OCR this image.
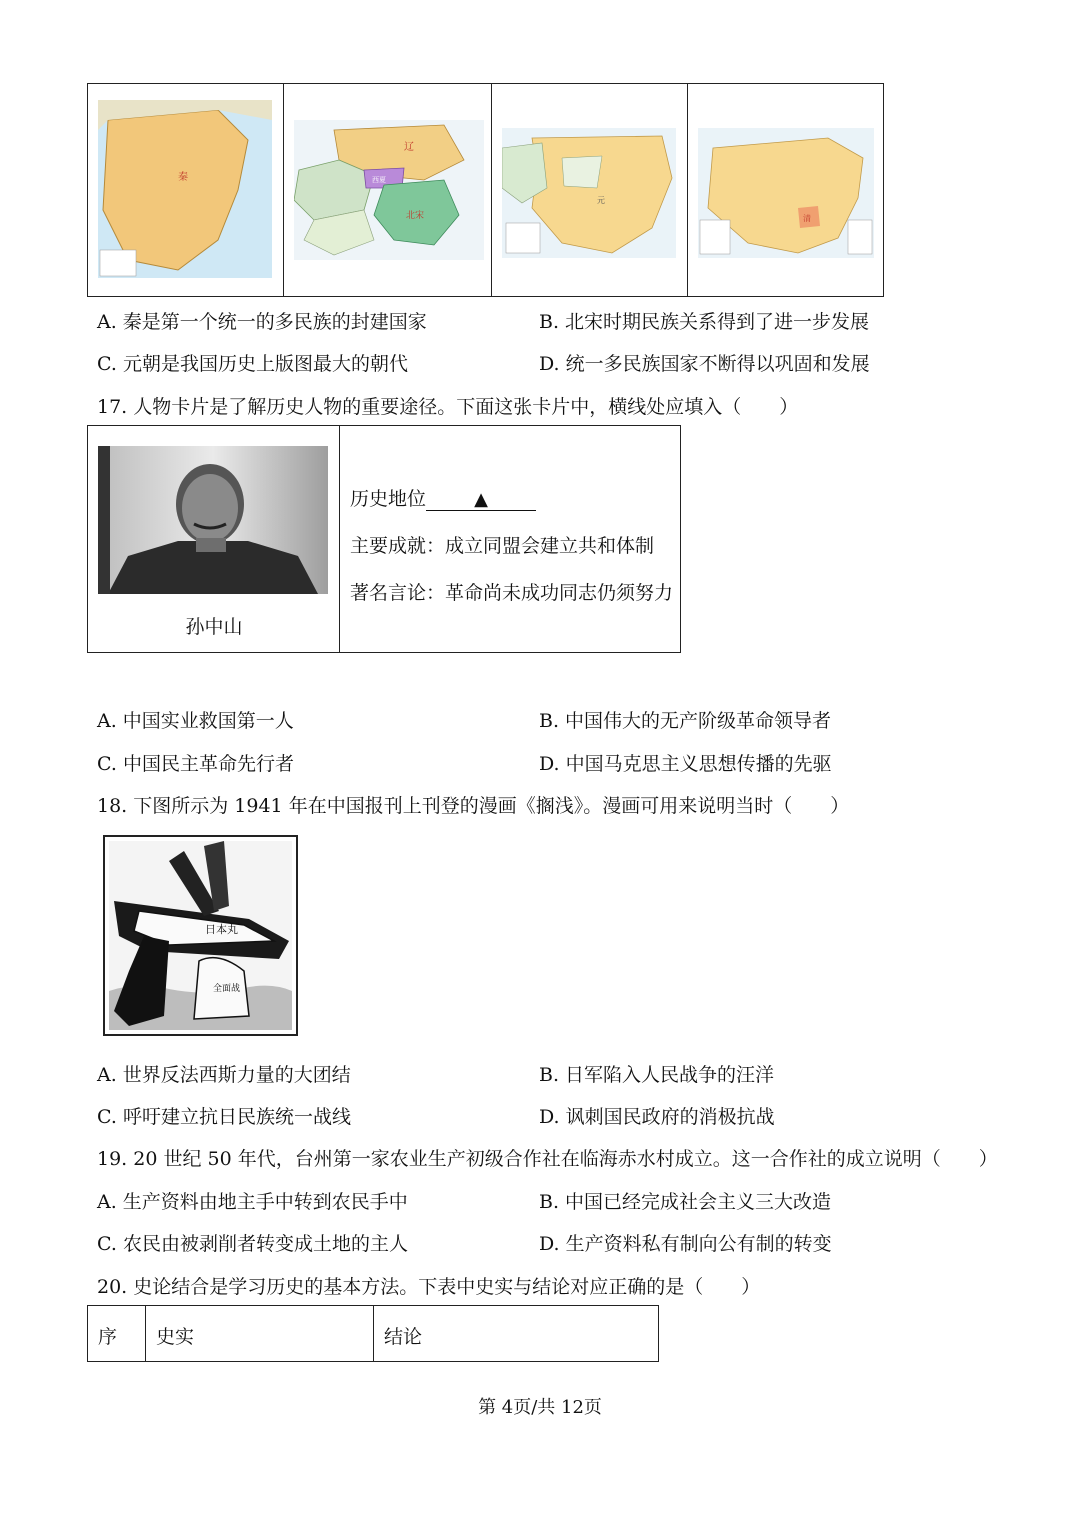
秦
辽
西夏
北宋
元
清
A. 秦是第一个统一的多民族的封建国家	B. 北宋时期民族关系得到了进一步发展
C. 元朝是我国历史上版图最大的朝代	D. 统一多民族国家不断得以巩固和发展
17. 人物卡片是了解历史人物的重要途径。下面这张卡片中，横线处应填入（　　）
孙中山
历史地位	▲
主要成就：成立同盟会建立共和体制
著名言论：革命尚未成功同志仍须努力
A. 中国实业救国第一人	B. 中国伟大的无产阶级革命领导者
C. 中国民主革命先行者	D. 中国马克思主义思想传播的先驱
18. 下图所示为 1941 年在中国报刊上刊登的漫画《搁浅》。漫画可用来说明当时（　　）
日本丸
全面战
A. 世界反法西斯力量的大团结	B. 日军陷入人民战争的汪洋
C. 呼吁建立抗日民族统一战线	D. 讽刺国民政府的消极抗战
19. 20 世纪 50 年代，台州第一家农业生产初级合作社在临海赤水村成立。这一合作社的成立说明（　　）
A. 生产资料由地主手中转到农民手中	B. 中国已经完成社会主义三大改造
C. 农民由被剥削者转变成土地的主人	D. 生产资料私有制向公有制的转变
20. 史论结合是学习历史的基本方法。下表中史实与结论对应正确的是（　　）
序 史实	结论
第 4页/共 12页
